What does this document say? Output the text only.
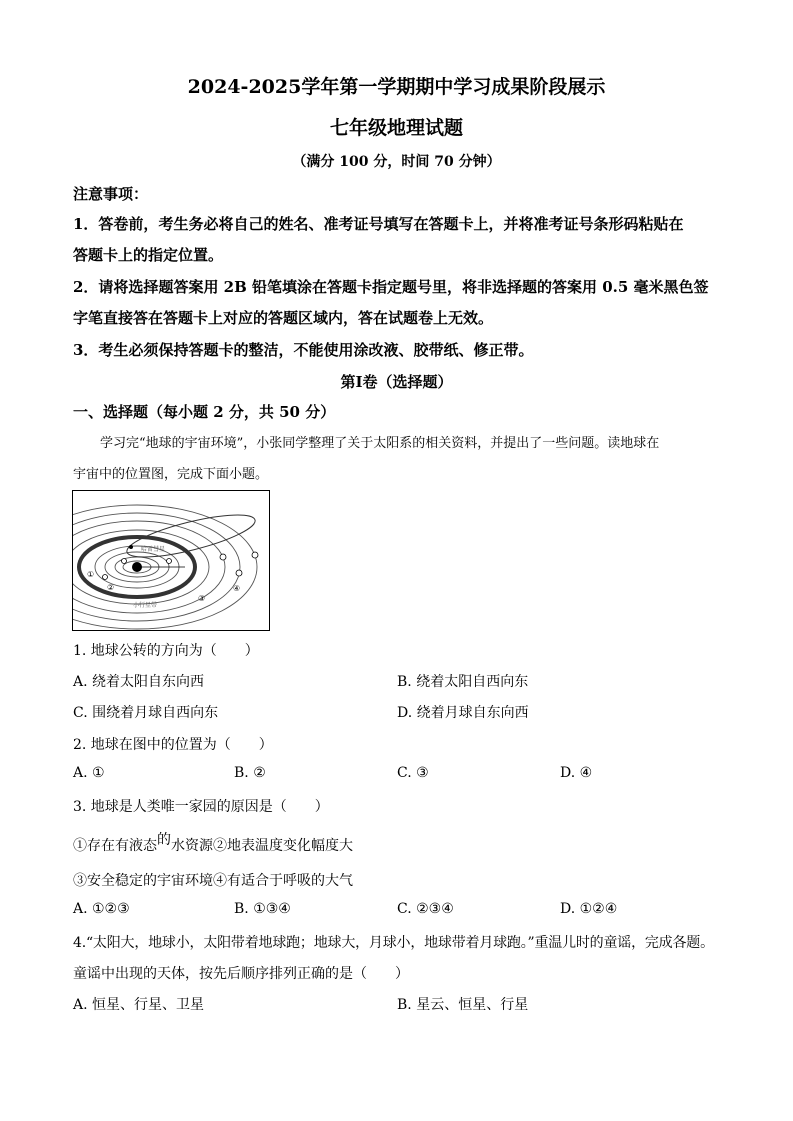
2024-2025学年第一学期期中学习成果阶段展示
七年级地理试题
（满分 100 分，时间 70 分钟）
注意事项：
1．答卷前，考生务必将自己的姓名、准考证号填写在答题卡上，并将准考证号条形码粘贴在
答题卡上的指定位置。
2．请将选择题答案用 2B 铅笔填涂在答题卡指定题号里，将非选择题的答案用 0.5 毫米黑色签
字笔直接答在答题卡上对应的答题区域内，答在试题卷上无效。
3．考生必须保持答题卡的整洁，不能使用涂改液、胶带纸、修正带。
第Ⅰ卷（选择题）
一、选择题（每小题 2 分，共 50 分）
学习完“地球的宇宙环境”，小张同学整理了关于太阳系的相关资料，并提出了一些问题。读地球在
宇宙中的位置图，完成下面小题。
哈雷彗星
小行星带
①
②
③
④
1. 地球公转的方向为（　　）
A. 绕着太阳自东向西	B. 绕着太阳自西向东
C. 围绕着月球自西向东	D. 绕着月球自东向西
2. 地球在图中的位置为（　　）
A. ①	B. ②	C. ③	D. ④
3. 地球是人类唯一家园的原因是（　　）
①存在有液态的水资源②地表温度变化幅度大
③安全稳定的宇宙环境④有适合于呼吸的大气
A. ①②③	B. ①③④	C. ②③④	D. ①②④
4.“太阳大，地球小，太阳带着地球跑；地球大，月球小，地球带着月球跑。”重温儿时的童谣，完成各题。
童谣中出现的天体，按先后顺序排列正确的是（　　）
A. 恒星、行星、卫星	B. 星云、恒星、行星
